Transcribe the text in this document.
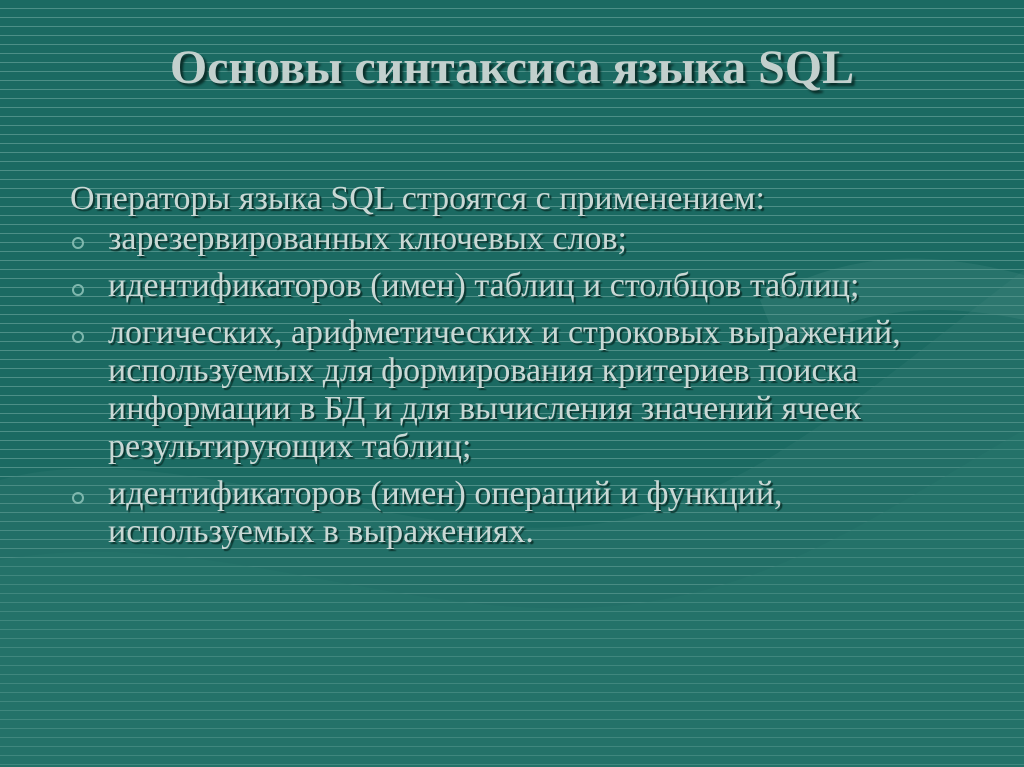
Основы синтаксиса языка SQL
Операторы языка SQL строятся с применением:
зарезервированных ключевых слов;
идентификаторов (имен) таблиц и столбцов таблиц;
логических, арифметических и строковых выражений, используемых для формирования критериев поиска информации в БД и для вычисления значений ячеек результирующих таблиц;
идентификаторов (имен) операций и функций, используемых в выражениях.
